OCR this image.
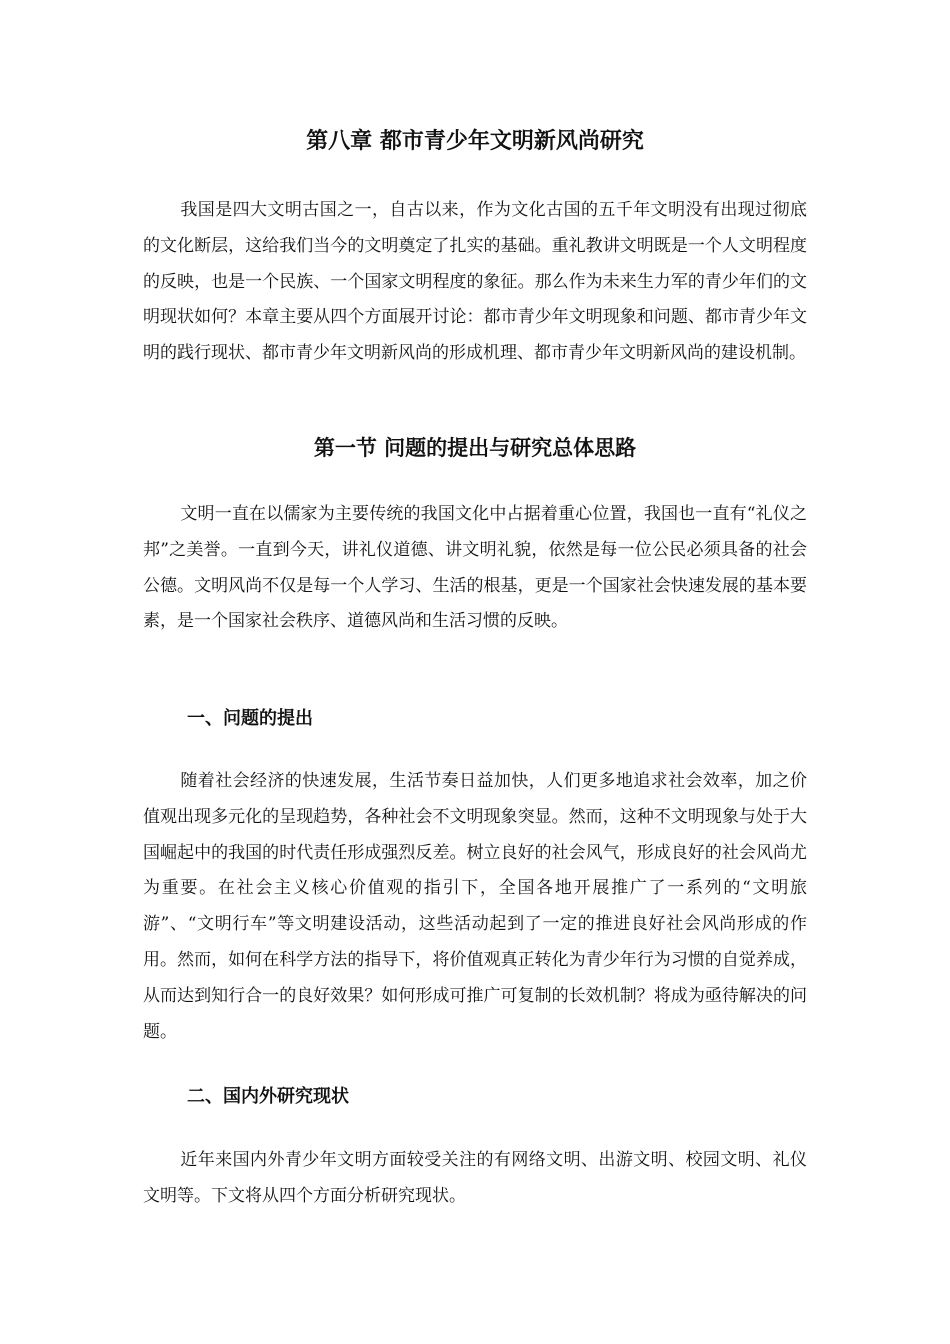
第八章 都市青少年文明新风尚研究

我国是四大文明古国之一，自古以来，作为文化古国的五千年文明没有出现过彻底的文化断层，这给我们当今的文明奠定了扎实的基础。重礼教讲文明既是一个人文明程度的反映，也是一个民族、一个国家文明程度的象征。那么作为未来生力军的青少年们的文明现状如何？本章主要从四个方面展开讨论：都市青少年文明现象和问题、都市青少年文明的践行现状、都市青少年文明新风尚的形成机理、都市青少年文明新风尚的建设机制。

第一节 问题的提出与研究总体思路

文明一直在以儒家为主要传统的我国文化中占据着重心位置，我国也一直有“礼仪之邦”之美誉。一直到今天，讲礼仪道德、讲文明礼貌，依然是每一位公民必须具备的社会公德。文明风尚不仅是每一个人学习、生活的根基，更是一个国家社会快速发展的基本要素，是一个国家社会秩序、道德风尚和生活习惯的反映。

一、问题的提出

随着社会经济的快速发展，生活节奏日益加快，人们更多地追求社会效率，加之价值观出现多元化的呈现趋势，各种社会不文明现象突显。然而，这种不文明现象与处于大国崛起中的我国的时代责任形成强烈反差。树立良好的社会风气，形成良好的社会风尚尤为重要。在社会主义核心价值观的指引下，全国各地开展推广了一系列的“文明旅游”、“文明行车”等文明建设活动，这些活动起到了一定的推进良好社会风尚形成的作用。然而，如何在科学方法的指导下，将价值观真正转化为青少年行为习惯的自觉养成，从而达到知行合一的良好效果？如何形成可推广可复制的长效机制？将成为亟待解决的问题。

二、国内外研究现状

近年来国内外青少年文明方面较受关注的有网络文明、出游文明、校园文明、礼仪文明等。下文将从四个方面分析研究现状。
